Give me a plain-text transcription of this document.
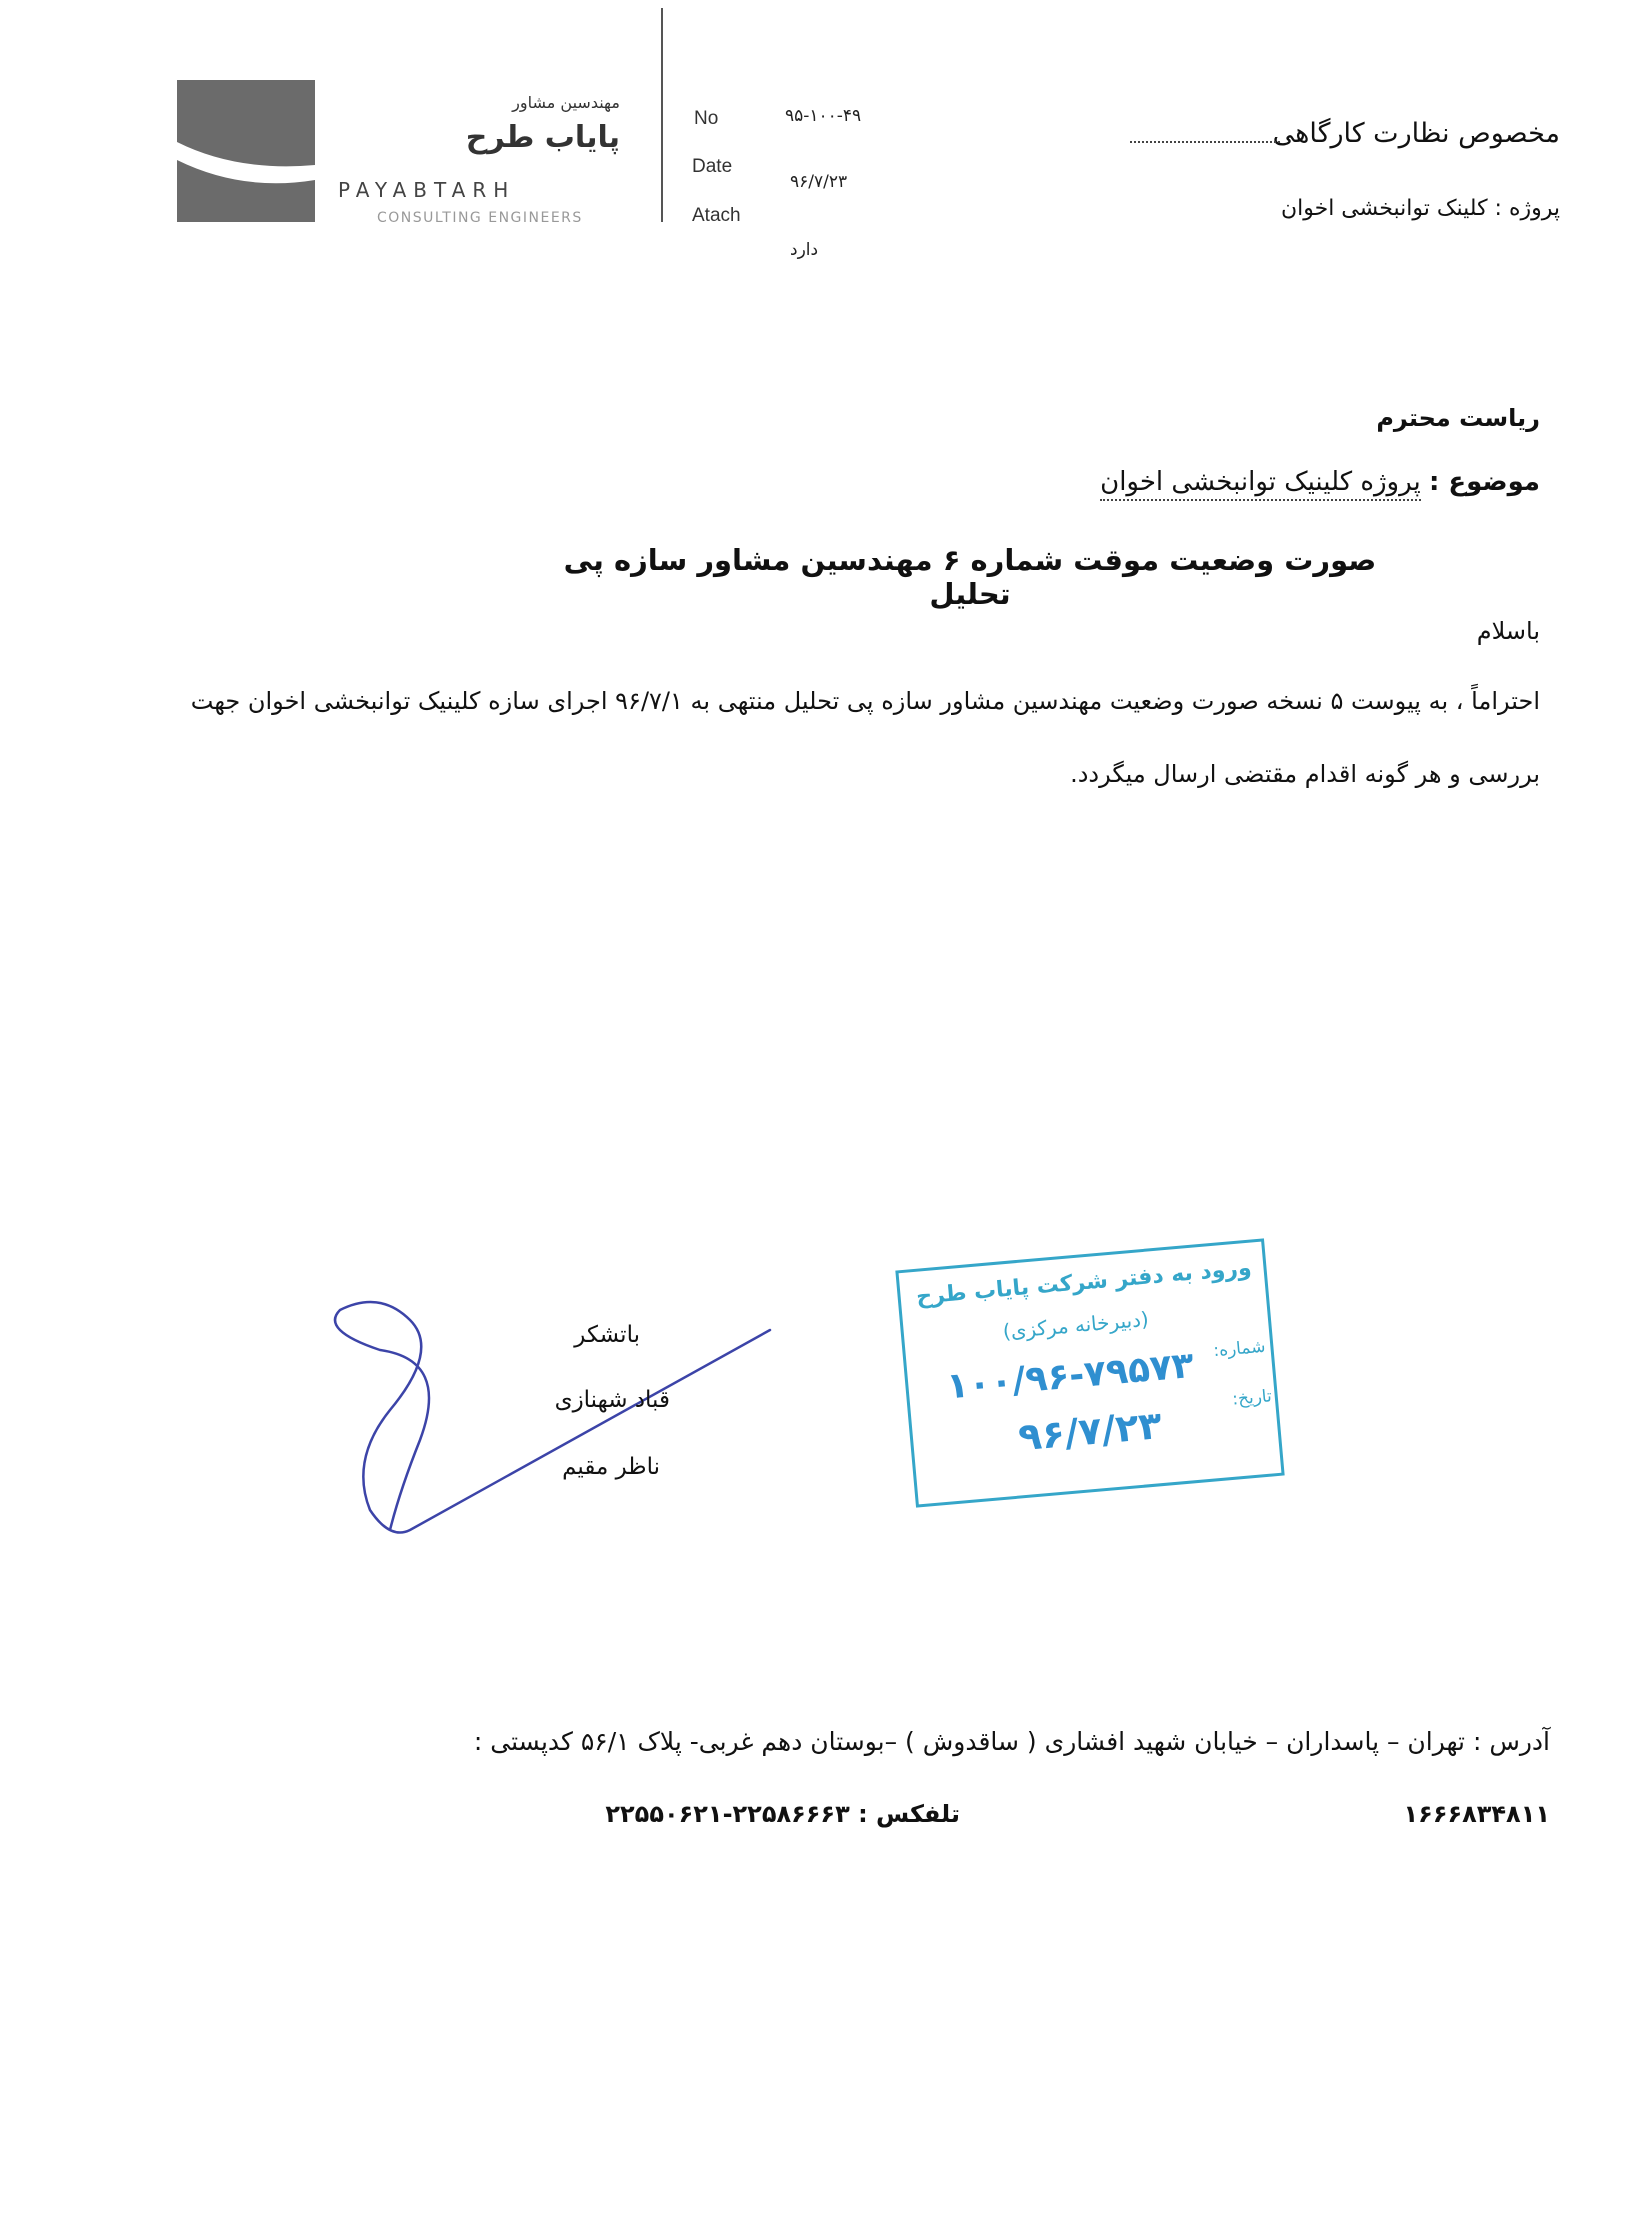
مهندسین مشاور
پایاب طرح
PAYABTARH
CONSULTING ENGINEERS
No
Date
Atach
۹۵-۱۰۰-۴۹
۹۶/۷/۲۳
دارد
مخصوص نظارت کارگاهی
پروژه : کلینک توانبخشی اخوان
ریاست محترم
موضوع : پروژه کلینیک توانبخشی اخوان
صورت وضعیت موقت شماره ۶ مهندسین مشاور سازه پی تحلیل
باسلام
احتراماً ، به پیوست ۵ نسخه صورت وضعیت مهندسین مشاور سازه پی تحلیل منتهی به ۹۶/۷/۱ اجرای سازه کلینیک توانبخشی اخوان جهت بررسی و هر گونه اقدام مقتضی ارسال میگردد.
باتشکر
قباد شهنازی
ناظر مقیم
ورود به دفتر شرکت پایاب طرح
(دبیرخانه مرکزی)
شماره:
تاریخ:
۱۰۰/۹۶-۷۹۵۷۳
۹۶/۷/۲۳
آدرس : تهران – پاسداران – خیابان شهید افشاری ( ساقدوش ) –بوستان دهم غربی- پلاک ۵۶/۱ کدپستی :
۱۶۶۶۸۳۴۸۱۱
تلفکس : ۲۲۵۸۶۶۶۳-۲۲۵۵۰۶۲۱
